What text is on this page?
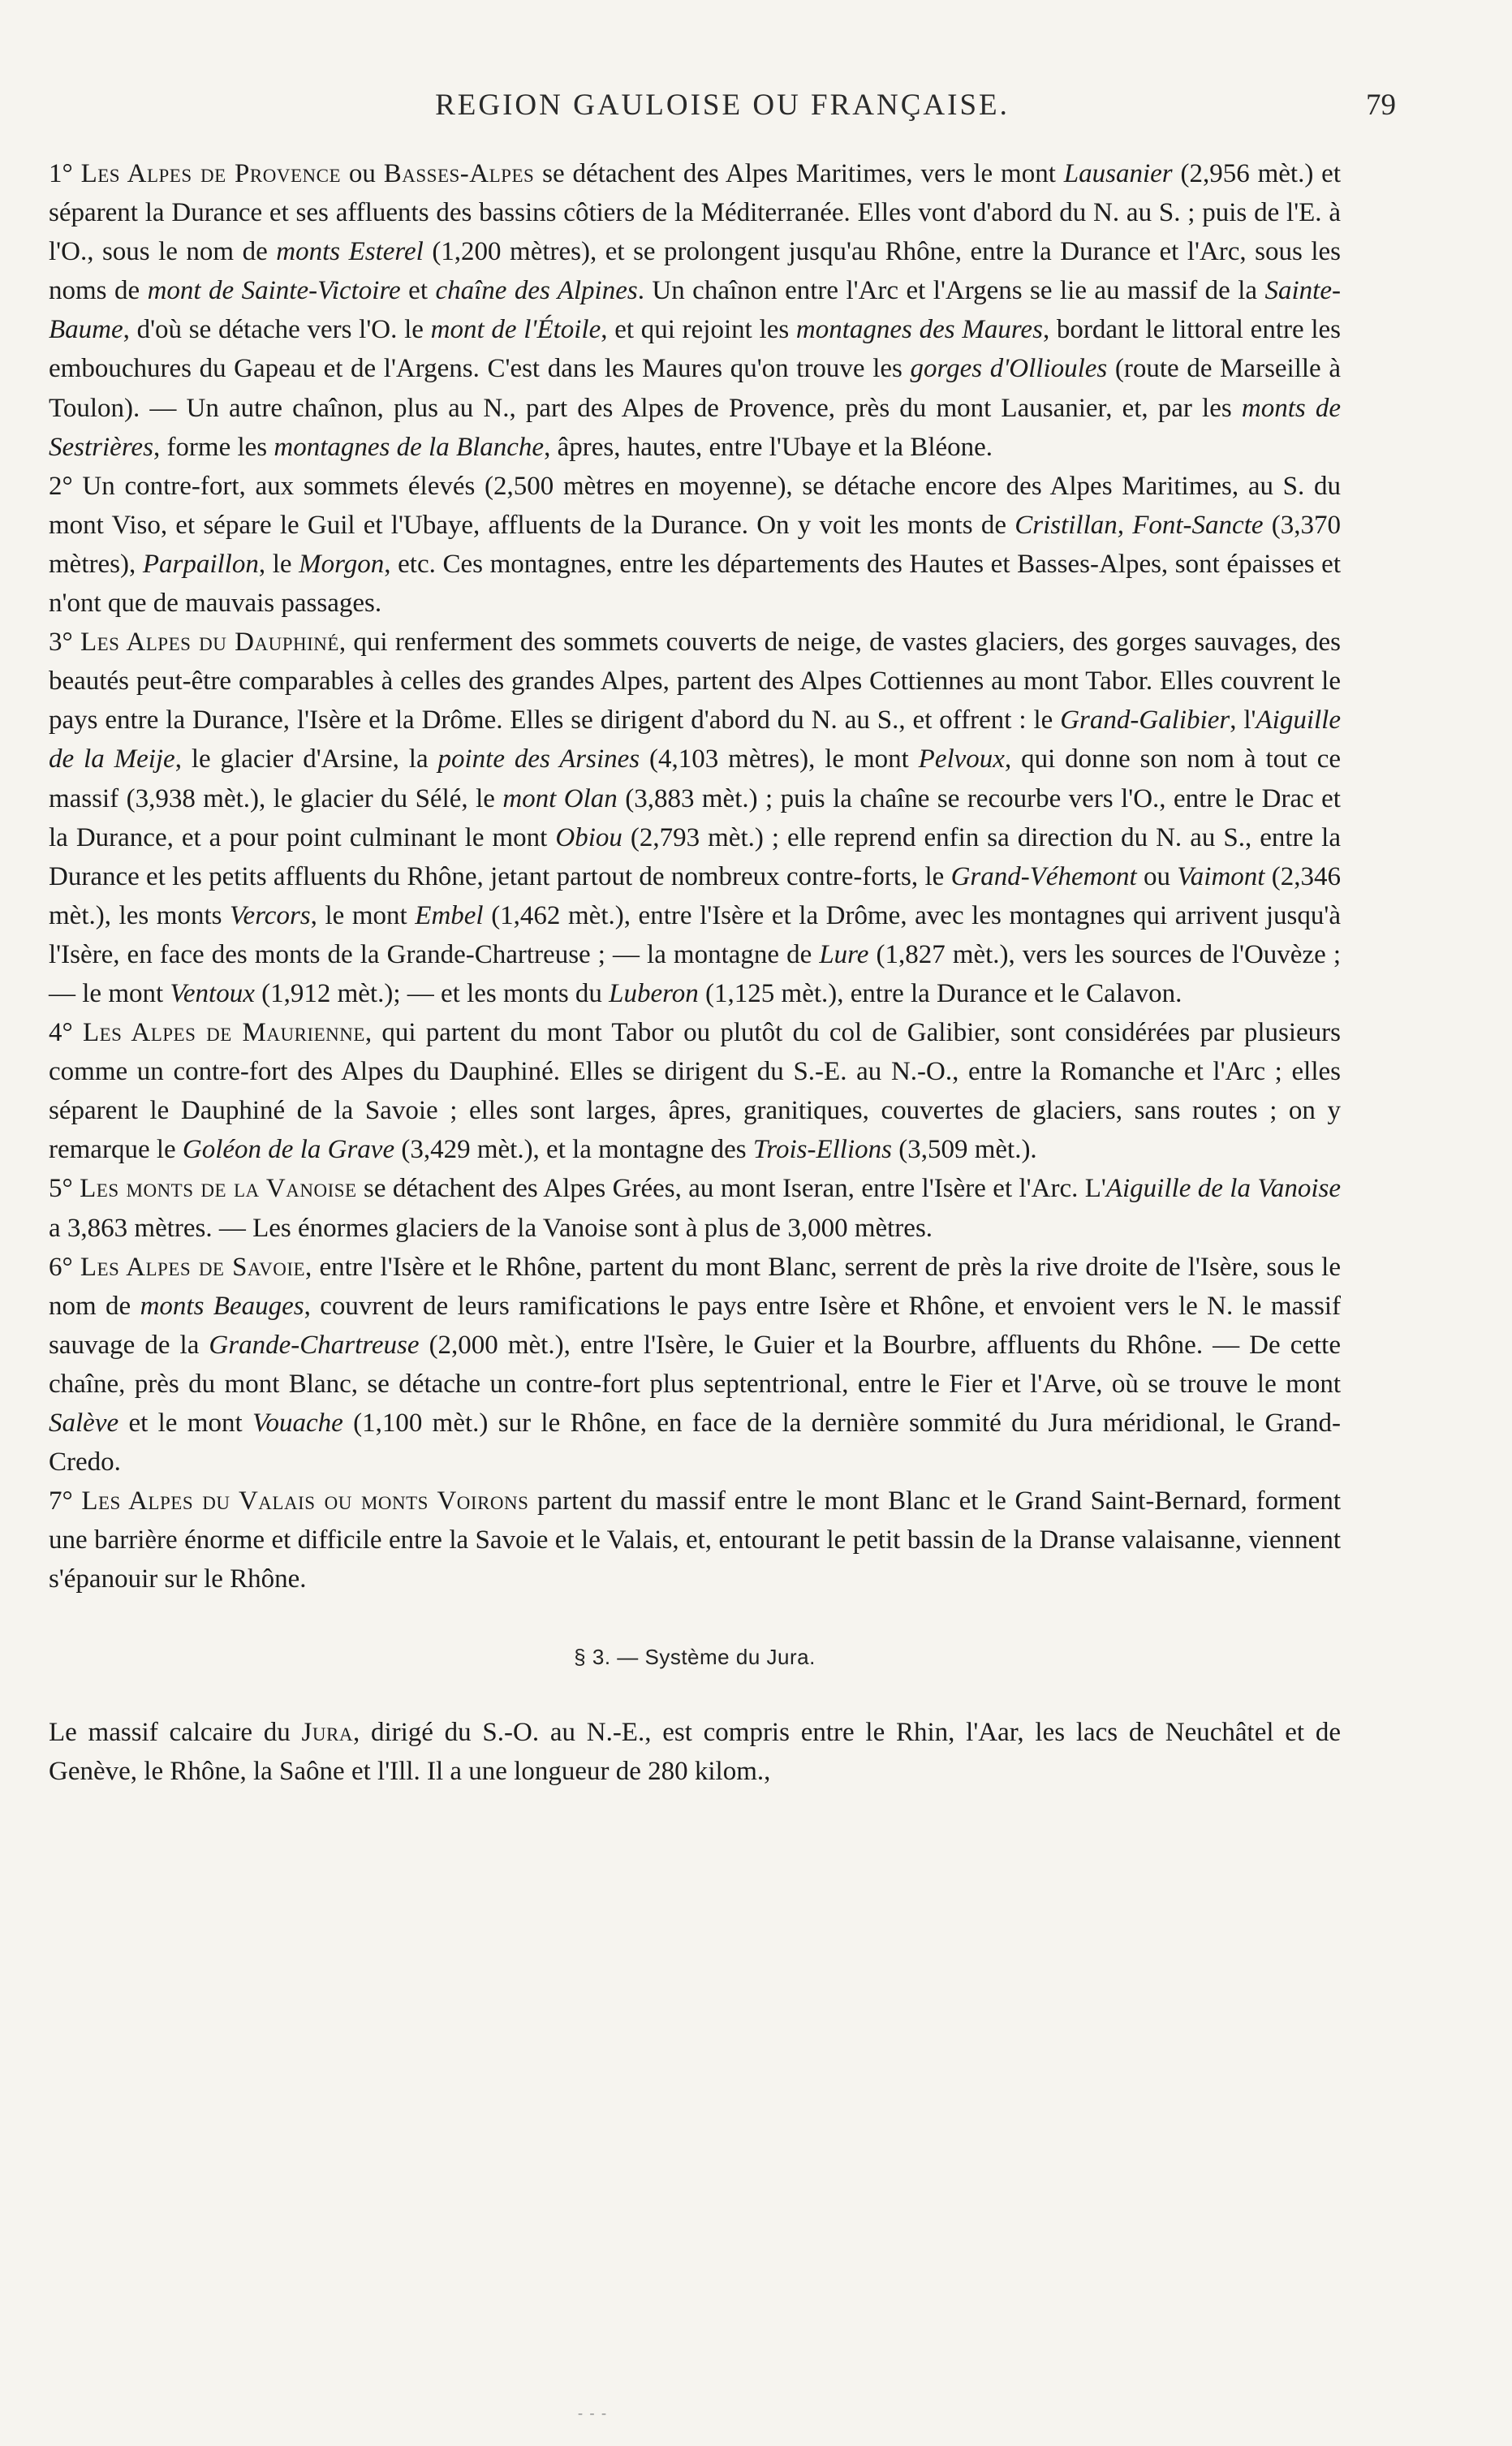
REGION GAULOISE OU FRANÇAISE.	79

1° Les Alpes de Provence ou Basses-Alpes se détachent des Alpes Maritimes, vers le mont Lausanier (2,956 mèt.) et séparent la Durance et ses affluents des bassins côtiers de la Méditerranée. Elles vont d'abord du N. au S. ; puis de l'E. à l'O., sous le nom de monts Esterel (1,200 mètres), et se prolongent jusqu'au Rhône, entre la Durance et l'Arc, sous les noms de mont de Sainte-Victoire et chaîne des Alpines. Un chaînon entre l'Arc et l'Argens se lie au massif de la Sainte-Baume, d'où se détache vers l'O. le mont de l'Étoile, et qui rejoint les montagnes des Maures, bordant le littoral entre les embouchures du Gapeau et de l'Argens. C'est dans les Maures qu'on trouve les gorges d'Ollioules (route de Marseille à Toulon). — Un autre chaînon, plus au N., part des Alpes de Provence, près du mont Lausanier, et, par les monts de Sestrières, forme les montagnes de la Blanche, âpres, hautes, entre l'Ubaye et la Bléone.

2° Un contre-fort, aux sommets élevés (2,500 mètres en moyenne), se détache encore des Alpes Maritimes, au S. du mont Viso, et sépare le Guil et l'Ubaye, affluents de la Durance. On y voit les monts de Cristillan, Font-Sancte (3,370 mètres), Parpaillon, le Morgon, etc. Ces montagnes, entre les départements des Hautes et Basses-Alpes, sont épaisses et n'ont que de mauvais passages.

3° Les Alpes du Dauphiné, qui renferment des sommets couverts de neige, de vastes glaciers, des gorges sauvages, des beautés peut-être comparables à celles des grandes Alpes, partent des Alpes Cottiennes au mont Tabor. Elles couvrent le pays entre la Durance, l'Isère et la Drôme. Elles se dirigent d'abord du N. au S., et offrent : le Grand-Galibier, l'Aiguille de la Meije, le glacier d'Arsine, la pointe des Arsines (4,103 mètres), le mont Pelvoux, qui donne son nom à tout ce massif (3,938 mèt.), le glacier du Sélé, le mont Olan (3,883 mèt.) ; puis la chaîne se recourbe vers l'O., entre le Drac et la Durance, et a pour point culminant le mont Obiou (2,793 mèt.) ; elle reprend enfin sa direction du N. au S., entre la Durance et les petits affluents du Rhône, jetant partout de nombreux contre-forts, le Grand-Véhemont ou Vaimont (2,346 mèt.), les monts Vercors, le mont Embel (1,462 mèt.), entre l'Isère et la Drôme, avec les montagnes qui arrivent jusqu'à l'Isère, en face des monts de la Grande-Chartreuse ; — la montagne de Lure (1,827 mèt.), vers les sources de l'Ouvèze ; — le mont Ventoux (1,912 mèt.); — et les monts du Luberon (1,125 mèt.), entre la Durance et le Calavon.

4° Les Alpes de Maurienne, qui partent du mont Tabor ou plutôt du col de Galibier, sont considérées par plusieurs comme un contre-fort des Alpes du Dauphiné. Elles se dirigent du S.-E. au N.-O., entre la Romanche et l'Arc ; elles séparent le Dauphiné de la Savoie ; elles sont larges, âpres, granitiques, couvertes de glaciers, sans routes ; on y remarque le Goléon de la Grave (3,429 mèt.), et la montagne des Trois-Ellions (3,509 mèt.).

5° Les monts de la Vanoise se détachent des Alpes Grées, au mont Iseran, entre l'Isère et l'Arc. L'Aiguille de la Vanoise a 3,863 mètres. — Les énormes glaciers de la Vanoise sont à plus de 3,000 mètres.

6° Les Alpes de Savoie, entre l'Isère et le Rhône, partent du mont Blanc, serrent de près la rive droite de l'Isère, sous le nom de monts Beauges, couvrent de leurs ramifications le pays entre Isère et Rhône, et envoient vers le N. le massif sauvage de la Grande-Chartreuse (2,000 mèt.), entre l'Isère, le Guier et la Bourbre, affluents du Rhône. — De cette chaîne, près du mont Blanc, se détache un contre-fort plus septentrional, entre le Fier et l'Arve, où se trouve le mont Salève et le mont Vouache (1,100 mèt.) sur le Rhône, en face de la dernière sommité du Jura méridional, le Grand-Credo.

7° Les Alpes du Valais ou monts Voirons partent du massif entre le mont Blanc et le Grand Saint-Bernard, forment une barrière énorme et difficile entre la Savoie et le Valais, et, entourant le petit bassin de la Dranse valaisanne, viennent s'épanouir sur le Rhône.

§ 3. — Système du Jura.

Le massif calcaire du Jura, dirigé du S.-O. au N.-E., est compris entre le Rhin, l'Aar, les lacs de Neuchâtel et de Genève, le Rhône, la Saône et l'Ill. Il a une longueur de 280 kilom.,

- - -
